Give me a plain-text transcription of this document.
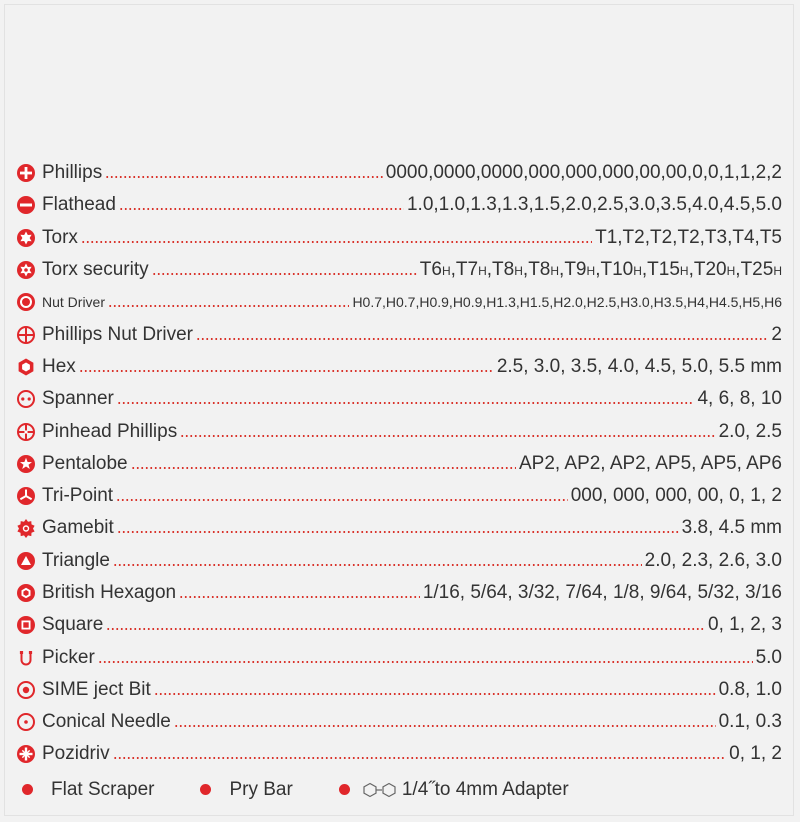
Phillips	0000,0000,0000,000,000,000,00,00,0,0,1,1,2,2
Flathead	1.0,1.0,1.3,1.3,1.5,2.0,2.5,3.0,3.5,4.0,4.5,5.0
Torx	T1,T2,T2,T2,T3,T4,T5
Torx security	T6H,T7H,T8H,T8H,T9H,T10H,T15H,T20H,T25H
Nut Driver	H0.7,H0.7,H0.9,H0.9,H1.3,H1.5,H2.0,H2.5,H3.0,H3.5,H4,H4.5,H5,H6
Phillips Nut Driver	2
Hex	2.5, 3.0, 3.5, 4.0, 4.5, 5.0, 5.5 mm
Spanner	4, 6, 8, 10
Pinhead Phillips	2.0, 2.5
Pentalobe	AP2, AP2, AP2, AP5, AP5, AP6
Tri-Point	000, 000, 000, 00, 0, 1, 2
Gamebit	3.8, 4.5 mm
Triangle	2.0, 2.3, 2.6, 3.0
British Hexagon	1/16, 5/64, 3/32, 7/64, 1/8, 9/64, 5/32, 3/16
Square	0, 1, 2, 3
Picker	5.0
SIME ject Bit	0.8, 1.0
Conical Needle	0.1, 0.3
Pozidriv	0, 1, 2
Flat Scraper	Pry Bar	1/4˝to 4mm Adapter
